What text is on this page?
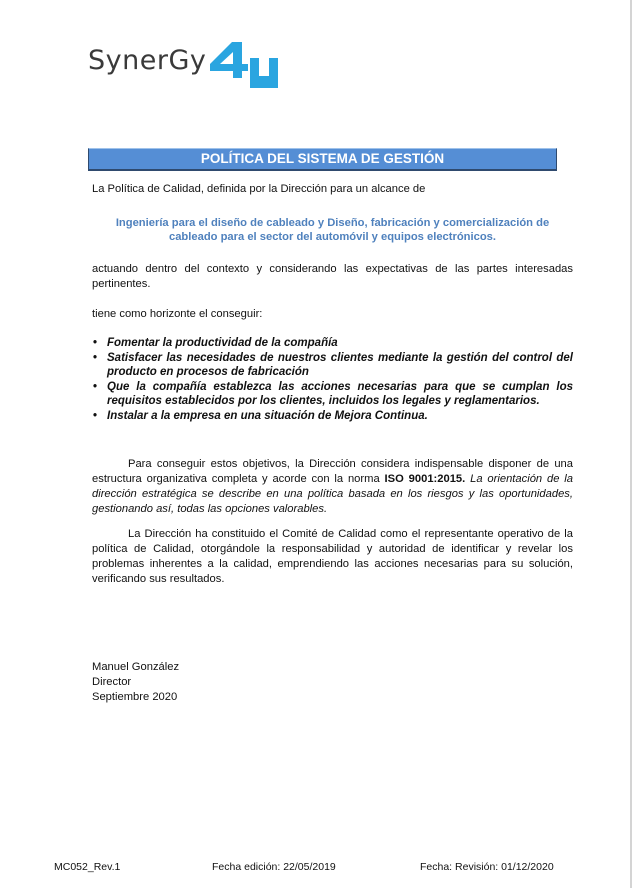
SynerGy
POLÍTICA DEL SISTEMA DE GESTIÓN
La Política de Calidad, definida por la Dirección para un alcance de
Ingeniería para el diseño de cableado y Diseño, fabricación y comercialización de
cableado para el sector del automóvil y equipos electrónicos.
actuando dentro del contexto y considerando las expectativas de las partes interesadas pertinentes.
tiene como horizonte el conseguir:
• Fomentar la productividad de la compañía
• Satisfacer las necesidades de nuestros clientes mediante la gestión del control del producto en procesos de fabricación
• Que la compañía establezca las acciones necesarias para que se cumplan los requisitos establecidos por los clientes, incluidos los legales y reglamentarios.
• Instalar a la empresa en una situación de Mejora Continua.
Para conseguir estos objetivos, la Dirección considera indispensable disponer de una estructura organizativa completa y acorde con la norma ISO 9001:2015. La orientación de la dirección estratégica se describe en una política basada en los riesgos y las oportunidades, gestionando así, todas las opciones valorables.
La Dirección ha constituido el Comité de Calidad como el representante operativo de la política de Calidad, otorgándole la responsabilidad y autoridad de identificar y revelar los problemas inherentes a la calidad, emprendiendo las acciones necesarias para su solución, verificando sus resultados.
Manuel González
Director
Septiembre 2020
MC052_Rev.1	Fecha edición: 22/05/2019	Fecha: Revisión: 01/12/2020
